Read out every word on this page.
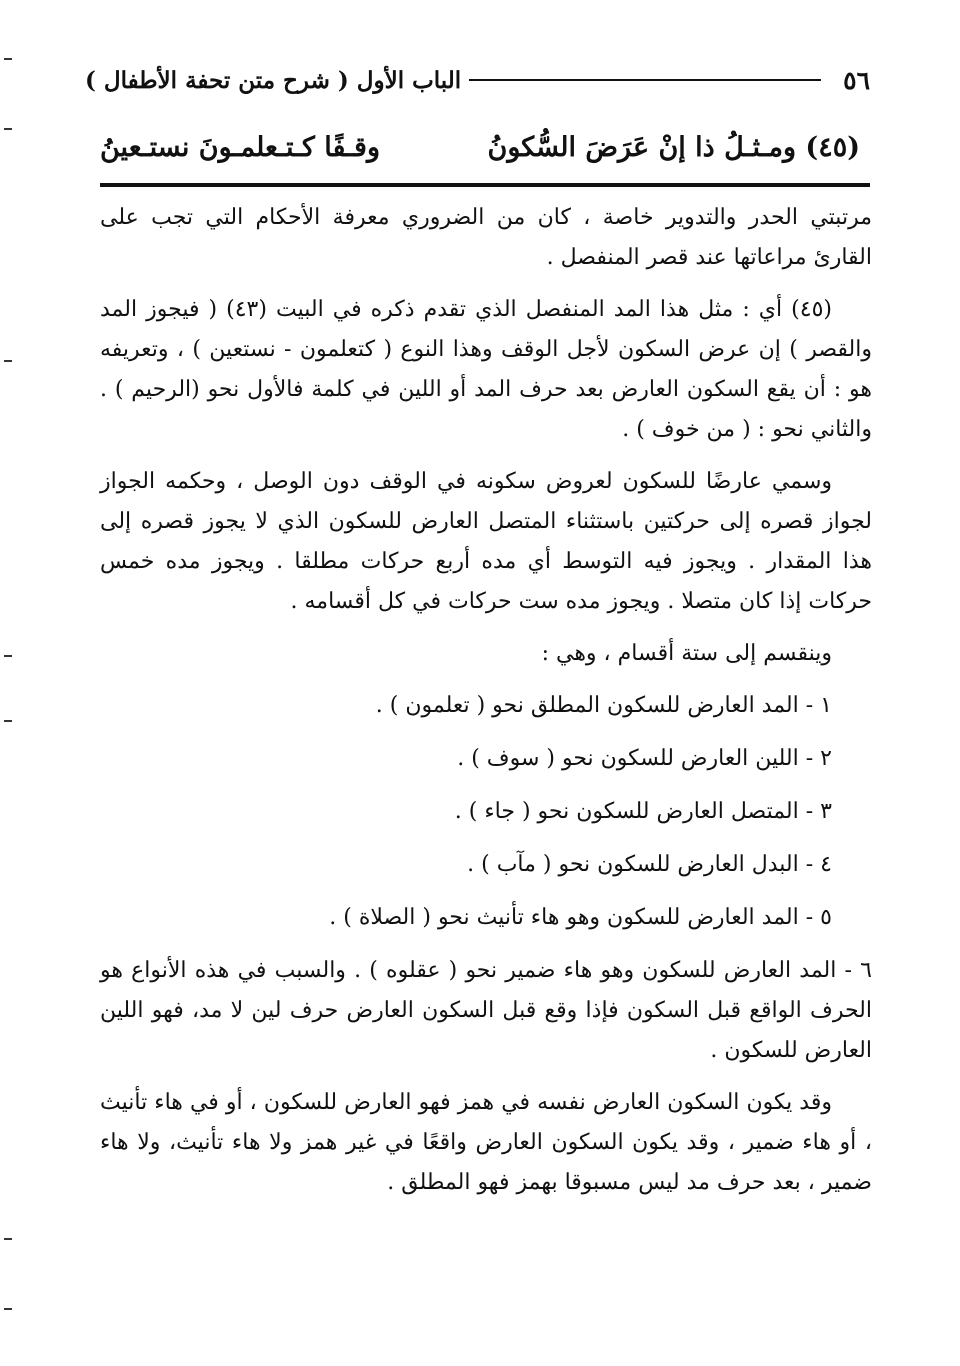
٥٦
الباب الأول ( شرح متن تحفة الأطفال )
(٤٥) ومـثـلُ ذا إنْ عَرَضَ السُّكونُ
وقـفًا كـتـعلمـونَ نستـعينُ

مرتبتي الحدر والتدوير خاصة ، كان من الضروري معرفة الأحكام التي تجب على القارئ مراعاتها عند قصر المنفصل .

(٤٥) أي : مثل هذا المد المنفصل الذي تقدم ذكره في البيت (٤٣) ( فيجوز المد والقصر ) إن عرض السكون لأجل الوقف وهذا النوع ( كتعلمون - نستعين ) ، وتعريفه هو : أن يقع السكون العارض بعد حرف المد أو اللين في كلمة فالأول نحو (الرحيم ) . والثاني نحو : ( من خوف ) .

وسمي عارضًا للسكون لعروض سكونه في الوقف دون الوصل ، وحكمه الجواز لجواز قصره إلى حركتين باستثناء المتصل العارض للسكون الذي لا يجوز قصره إلى هذا المقدار . ويجوز فيه التوسط أي مده أربع حركات مطلقا . ويجوز مده خمس حركات إذا كان متصلا . ويجوز مده ست حركات في كل أقسامه .

وينقسم إلى ستة أقسام ، وهي :

١ - المد العارض للسكون المطلق نحو ( تعلمون ) .
٢ - اللين العارض للسكون نحو ( سوف ) .
٣ - المتصل العارض للسكون نحو ( جاء ) .
٤ - البدل العارض للسكون نحو ( مآب ) .
٥ - المد العارض للسكون وهو هاء تأنيث نحو ( الصلاة ) .

٦ - المد العارض للسكون وهو هاء ضمير نحو ( عقلوه ) . والسبب في هذه الأنواع هو الحرف الواقع قبل السكون فإذا وقع قبل السكون العارض حرف لين لا مد، فهو اللين العارض للسكون .

وقد يكون السكون العارض نفسه في همز فهو العارض للسكون ، أو في هاء تأنيث ، أو هاء ضمير ، وقد يكون السكون العارض واقعًا في غير همز ولا هاء تأنيث، ولا هاء ضمير ، بعد حرف مد ليس مسبوقا بهمز فهو المطلق .
